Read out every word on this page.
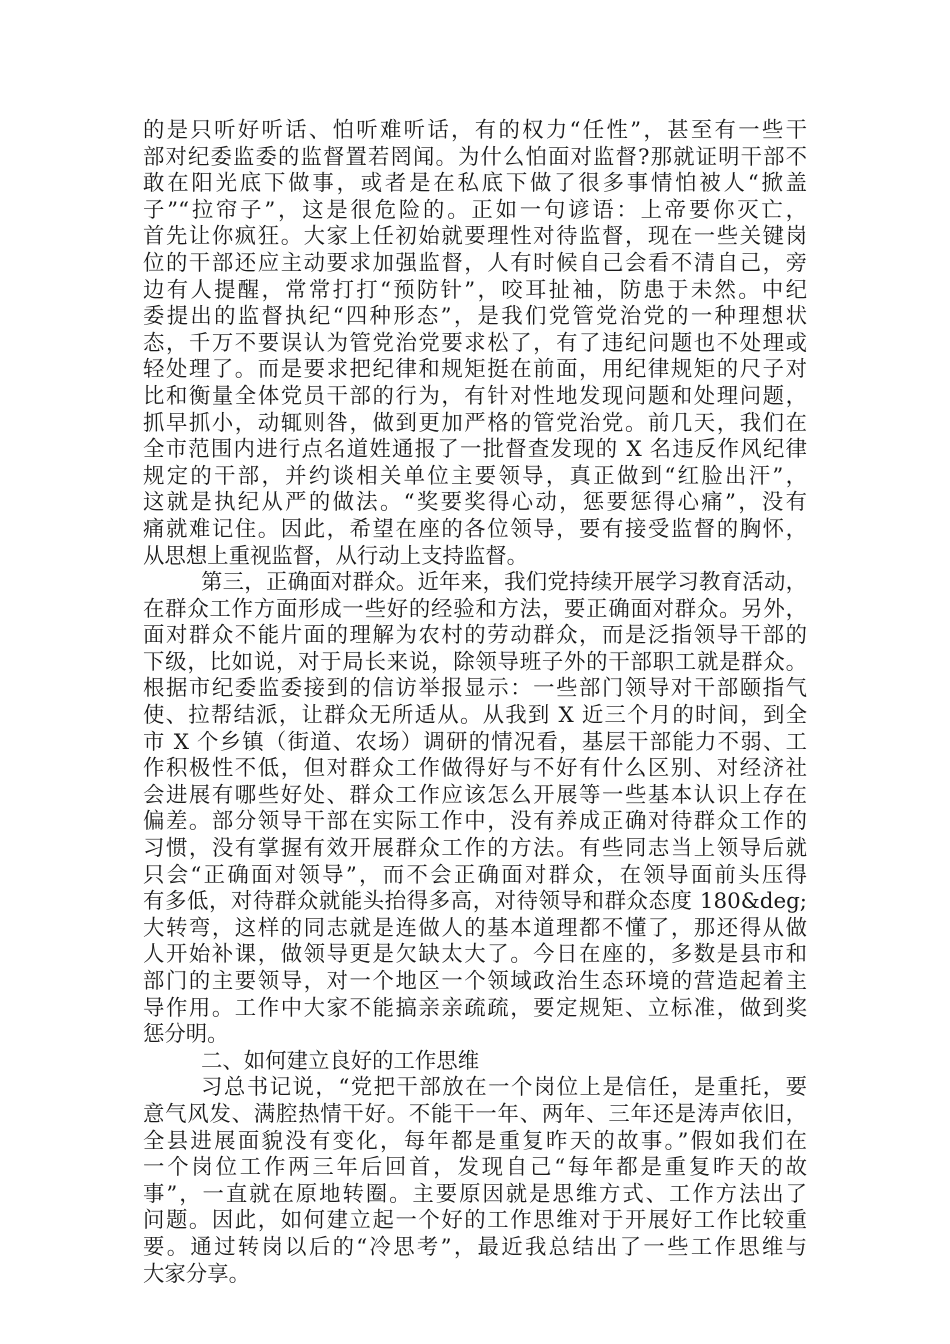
的是只听好听话、怕听难听话，有的权力“任性”，甚至有一些干
部对纪委监委的监督置若罔闻。为什么怕面对监督?那就证明干部不
敢在阳光底下做事，或者是在私底下做了很多事情怕被人“掀盖
子”“拉帘子”，这是很危险的。正如一句谚语：上帝要你灭亡，
首先让你疯狂。大家上任初始就要理性对待监督，现在一些关键岗
位的干部还应主动要求加强监督，人有时候自己会看不清自己，旁
边有人提醒，常常打打“预防针”，咬耳扯袖，防患于未然。中纪
委提出的监督执纪“四种形态”，是我们党管党治党的一种理想状
态，千万不要误认为管党治党要求松了，有了违纪问题也不处理或
轻处理了。而是要求把纪律和规矩挺在前面，用纪律规矩的尺子对
比和衡量全体党员干部的行为，有针对性地发现问题和处理问题，
抓早抓小，动辄则咎，做到更加严格的管党治党。前几天，我们在
全市范围内进行点名道姓通报了一批督查发现的 X 名违反作风纪律
规定的干部，并约谈相关单位主要领导，真正做到“红脸出汗”，
这就是执纪从严的做法。“奖要奖得心动，惩要惩得心痛”，没有
痛就难记住。因此，希望在座的各位领导，要有接受监督的胸怀，
从思想上重视监督，从行动上支持监督。
第三，正确面对群众。近年来，我们党持续开展学习教育活动，
在群众工作方面形成一些好的经验和方法，要正确面对群众。另外，
面对群众不能片面的理解为农村的劳动群众，而是泛指领导干部的
下级，比如说，对于局长来说，除领导班子外的干部职工就是群众。
根据市纪委监委接到的信访举报显示：一些部门领导对干部颐指气
使、拉帮结派，让群众无所适从。从我到 X 近三个月的时间，到全
市 X 个乡镇（街道、农场）调研的情况看，基层干部能力不弱、工
作积极性不低，但对群众工作做得好与不好有什么区别、对经济社
会进展有哪些好处、群众工作应该怎么开展等一些基本认识上存在
偏差。部分领导干部在实际工作中，没有养成正确对待群众工作的
习惯，没有掌握有效开展群众工作的方法。有些同志当上领导后就
只会“正确面对领导”，而不会正确面对群众，在领导面前头压得
有多低，对待群众就能头抬得多高，对待领导和群众态度 180&deg;
大转弯，这样的同志就是连做人的基本道理都不懂了，那还得从做
人开始补课，做领导更是欠缺太大了。今日在座的，多数是县市和
部门的主要领导，对一个地区一个领域政治生态环境的营造起着主
导作用。工作中大家不能搞亲亲疏疏，要定规矩、立标准，做到奖
惩分明。
二、如何建立良好的工作思维
习总书记说，“党把干部放在一个岗位上是信任，是重托，要
意气风发、满腔热情干好。不能干一年、两年、三年还是涛声依旧，
全县进展面貌没有变化，每年都是重复昨天的故事。”假如我们在
一个岗位工作两三年后回首，发现自己“每年都是重复昨天的故
事”，一直就在原地转圈。主要原因就是思维方式、工作方法出了
问题。因此，如何建立起一个好的工作思维对于开展好工作比较重
要。通过转岗以后的“冷思考”，最近我总结出了一些工作思维与
大家分享。
